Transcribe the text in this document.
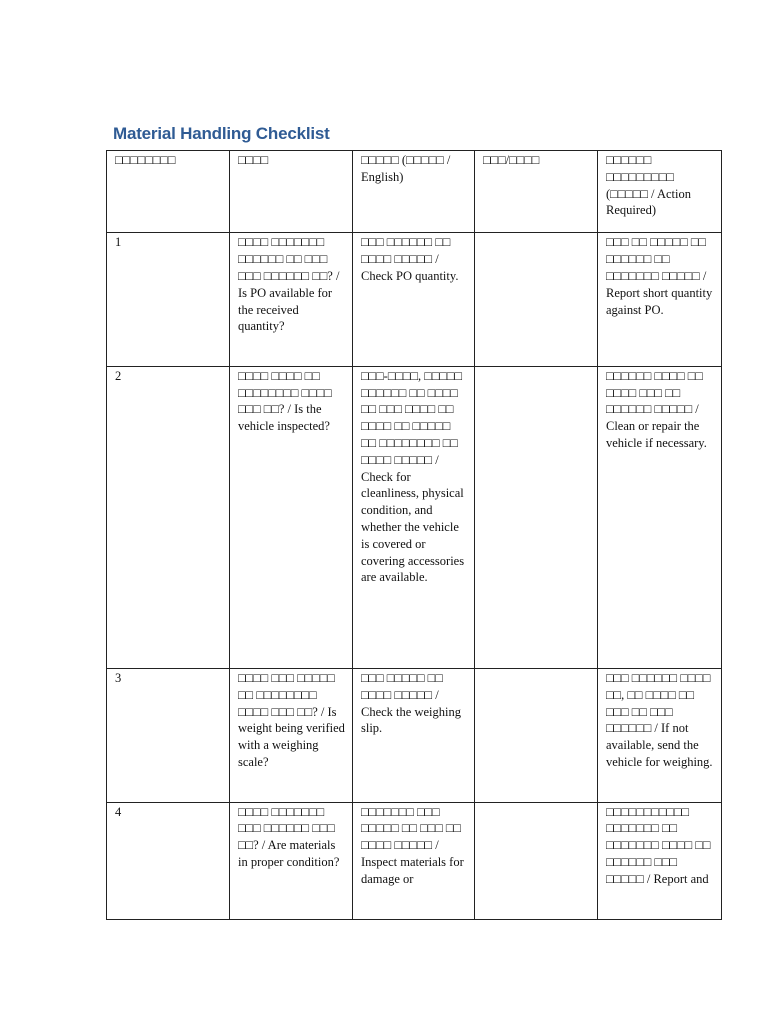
Material Handling Checklist
□□□□□□□□	□□□□	□□□□□ (□□□□□ / English)	□□□/□□□□	□□□□□□ □□□□□□□□□ (□□□□□ / Action Required)
1	□□□□ □□□□□□□ □□□□□□ □□ □□□ □□□ □□□□□□ □□? / Is PO available for the received quantity?	□□□ □□□□□□ □□ □□□□ □□□□□ / Check PO quantity.		□□□ □□ □□□□□ □□ □□□□□□ □□ □□□□□□□ □□□□□ / Report short quantity against PO.
2	□□□□ □□□□ □□ □□□□□□□□ □□□□ □□□ □□? / Is the vehicle inspected?	□□□-□□□□, □□□□□ □□□□□□ □□ □□□□ □□ □□□ □□□□ □□ □□□□ □□ □□□□□ □□ □□□□□□□□ □□ □□□□ □□□□□ / Check for cleanliness, physical condition, and whether the vehicle is covered or covering accessories are available.		□□□□□□ □□□□ □□ □□□□ □□□ □□ □□□□□□ □□□□□ / Clean or repair the vehicle if necessary.
3	□□□□ □□□ □□□□□ □□ □□□□□□□□ □□□□ □□□ □□? / Is weight being verified with a weighing scale?	□□□ □□□□□ □□ □□□□ □□□□□ / Check the weighing slip.		□□□ □□□□□□ □□□□ □□, □□ □□□□ □□ □□□ □□ □□□ □□□□□□ / If not available, send the vehicle for weighing.
4	□□□□ □□□□□□□ □□□ □□□□□□ □□□ □□? / Are materials in proper condition?	□□□□□□□ □□□ □□□□□ □□ □□□ □□ □□□□ □□□□□ / Inspect materials for damage or		□□□□□□□□□□□ □□□□□□□ □□ □□□□□□□ □□□□ □□ □□□□□□ □□□ □□□□□ / Report and
